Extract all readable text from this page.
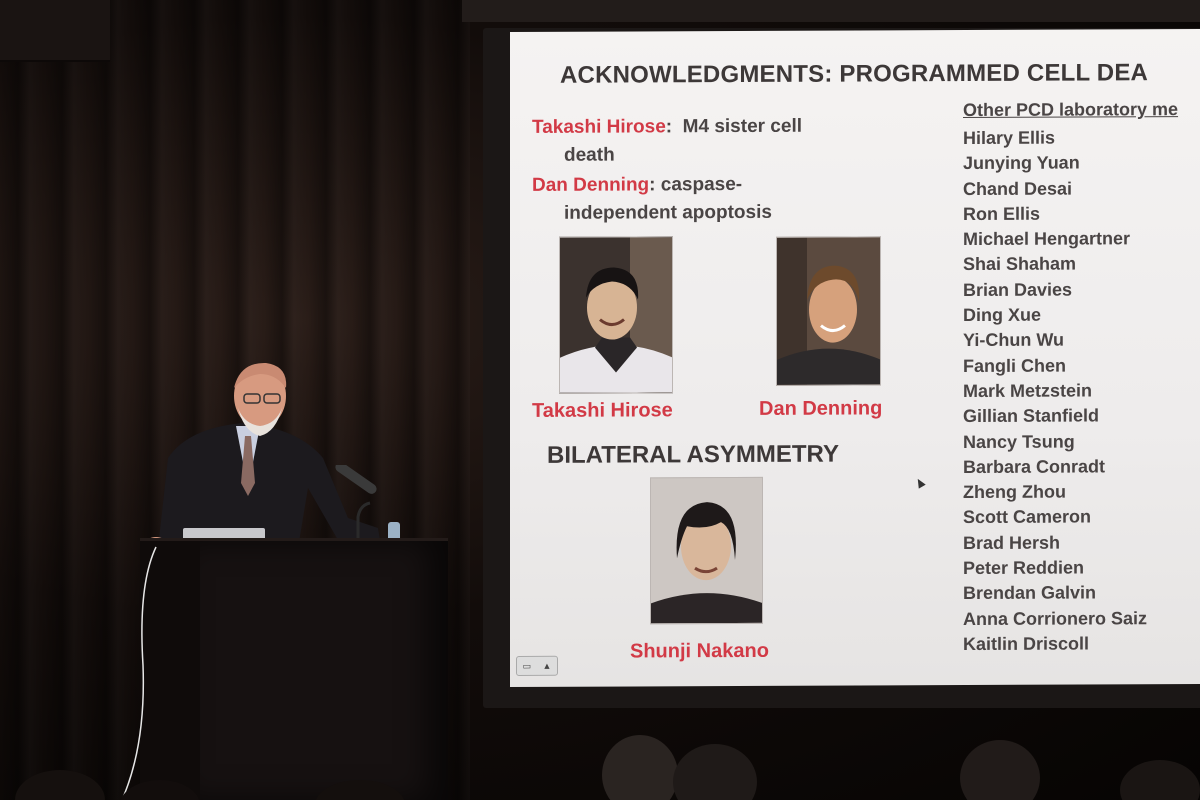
ACKNOWLEDGMENTS: PROGRAMMED CELL DEA
Takashi Hirose:  M4 sister cell
death
Dan Denning: caspase-
independent apoptosis
Takashi Hirose	Dan Denning
BILATERAL ASYMMETRY
Shunji Nakano
Other PCD laboratory me
Hilary Ellis
Junying Yuan
Chand Desai
Ron Ellis
Michael Hengartner
Shai Shaham
Brian Davies
Ding Xue
Yi-Chun Wu
Fangli Chen
Mark Metzstein
Gillian Stanfield
Nancy Tsung
Barbara Conradt
Zheng Zhou
Scott Cameron
Brad Hersh
Peter Reddien
Brendan Galvin
Anna Corrionero Saiz
Kaitlin Driscoll
▭ ▲
